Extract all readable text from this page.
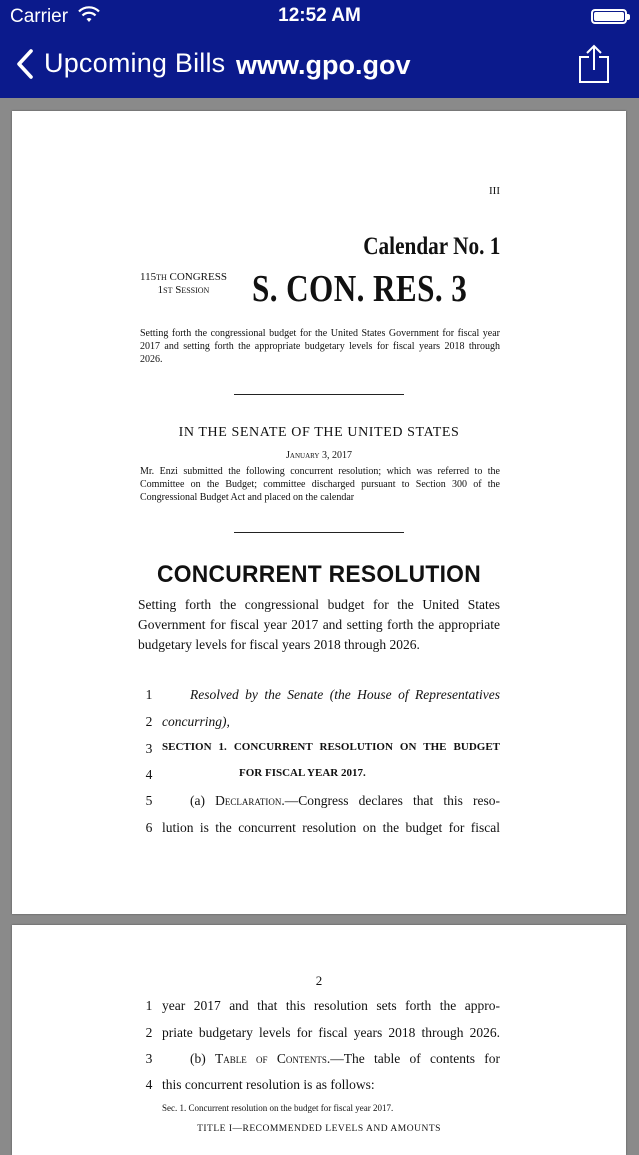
Carrier	12:52 AM
Upcoming Bills www.gpo.gov
III
Calendar No. 1
115th CONGRESS
1st Session	S. CON. RES. 3
Setting forth the congressional budget for the United States Government for fiscal year 2017 and setting forth the appropriate budgetary levels for fiscal years 2018 through 2026.
IN THE SENATE OF THE UNITED STATES
January 3, 2017
Mr. Enzi submitted the following concurrent resolution; which was referred to the Committee on the Budget; committee discharged pursuant to Section 300 of the Congressional Budget Act and placed on the calendar
CONCURRENT RESOLUTION
Setting forth the congressional budget for the United States Government for fiscal year 2017 and setting forth the appropriate budgetary levels for fiscal years 2018 through 2026.
1	Resolved by the Senate (the House of Representatives
2 concurring),
3 SECTION 1. CONCURRENT RESOLUTION ON THE BUDGET
4	FOR FISCAL YEAR 2017.
5	(a) Declaration.—Congress declares that this reso-
6 lution is the concurrent resolution on the budget for fiscal
2
1 year 2017 and that this resolution sets forth the appro-
2 priate budgetary levels for fiscal years 2018 through 2026.
3	(b) Table of Contents.—The table of contents for
4 this concurrent resolution is as follows:
Sec. 1. Concurrent resolution on the budget for fiscal year 2017.
TITLE I—RECOMMENDED LEVELS AND AMOUNTS
